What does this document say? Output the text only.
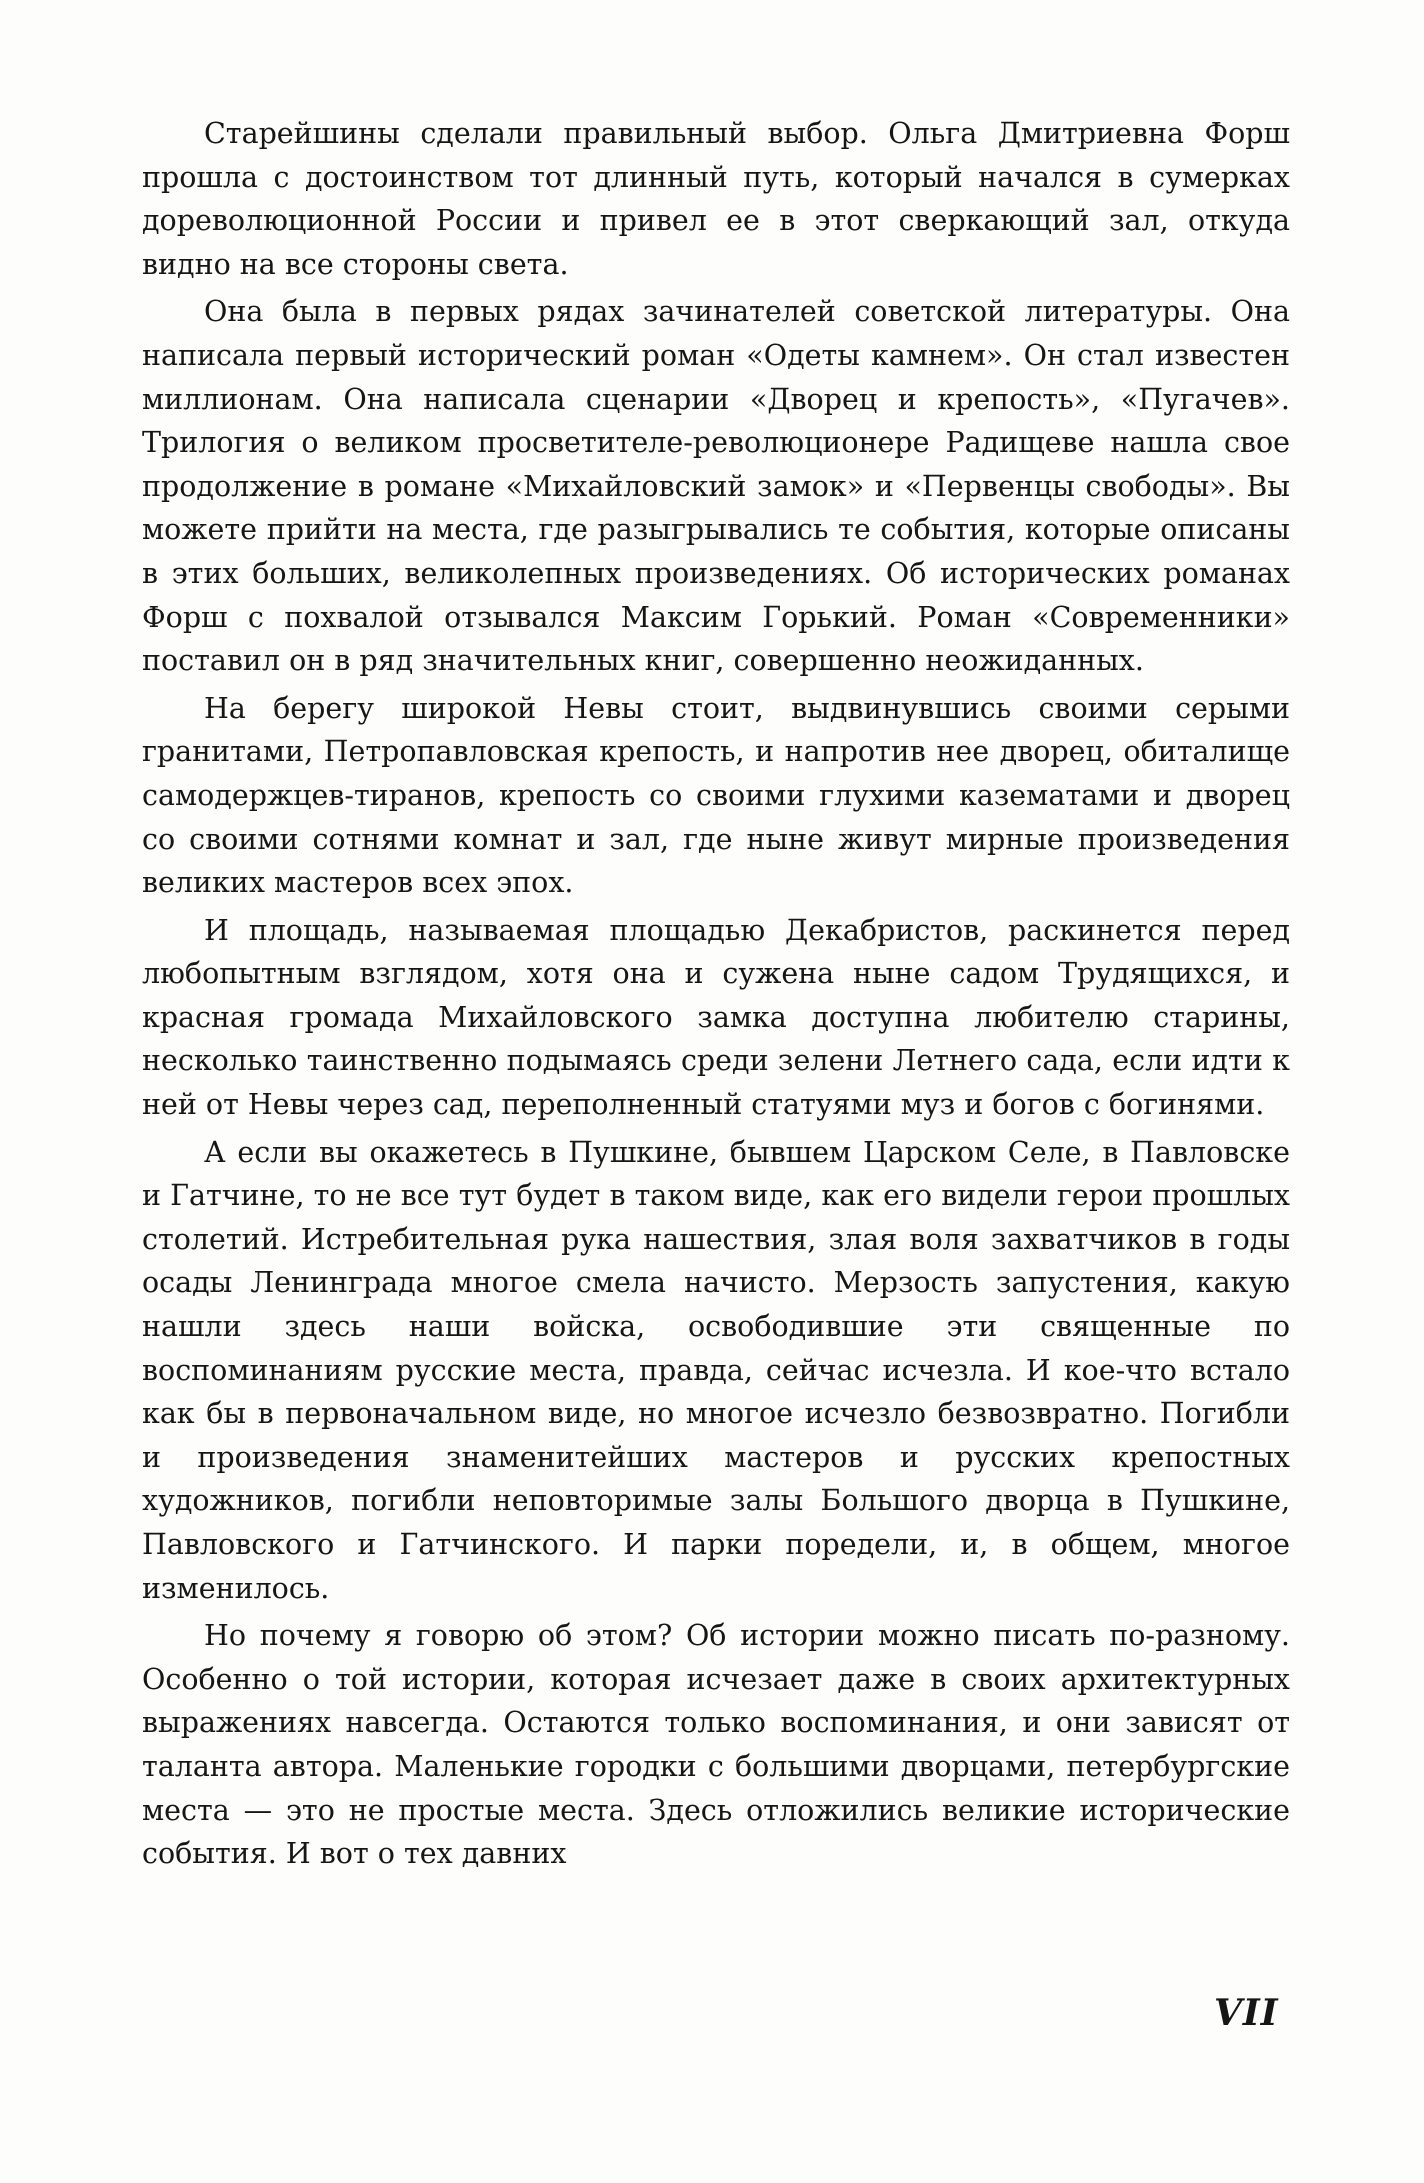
Старейшины сделали правильный выбор. Ольга Дмитриевна Форш прошла с достоинством тот длинный путь, который начался в сумерках дореволюционной России и привел ее в этот сверкающий зал, откуда видно на все стороны света.

Она была в первых рядах зачинателей советской литературы. Она написала первый исторический роман «Одеты камнем». Он стал известен миллионам. Она написала сценарии «Дворец и крепость», «Пугачев». Трилогия о великом просветителе-революционере Радищеве нашла свое продолжение в романе «Михайловский замок» и «Первенцы свободы». Вы можете прийти на места, где разыгрывались те события, которые описаны в этих больших, великолепных произведениях. Об исторических романах Форш с похвалой отзывался Максим Горький. Роман «Современники» поставил он в ряд значительных книг, совершенно неожиданных.

На берегу широкой Невы стоит, выдвинувшись своими серыми гранитами, Петропавловская крепость, и напротив нее дворец, обиталище самодержцев-тиранов, крепость со своими глухими казематами и дворец со своими сотнями комнат и зал, где ныне живут мирные произведения великих мастеров всех эпох.

И площадь, называемая площадью Декабристов, раскинется перед любопытным взглядом, хотя она и сужена ныне садом Трудящихся, и красная громада Михайловского замка доступна любителю старины, несколько таинственно подымаясь среди зелени Летнего сада, если идти к ней от Невы через сад, переполненный статуями муз и богов с богинями.

А если вы окажетесь в Пушкине, бывшем Царском Селе, в Павловске и Гатчине, то не все тут будет в таком виде, как его видели герои прошлых столетий. Истребительная рука нашествия, злая воля захватчиков в годы осады Ленинграда многое смела начисто. Мерзость запустения, какую нашли здесь наши войска, освободившие эти священные по воспоминаниям русские места, правда, сейчас исчезла. И кое-что встало как бы в первоначальном виде, но многое исчезло безвозвратно. Погибли и произведения знаменитейших мастеров и русских крепостных художников, погибли неповторимые залы Большого дворца в Пушкине, Павловского и Гатчинского. И парки поредели, и, в общем, многое изменилось.

Но почему я говорю об этом? Об истории можно писать по-разному. Особенно о той истории, которая исчезает даже в своих архитектурных выражениях навсегда. Остаются только воспоминания, и они зависят от таланта автора. Маленькие городки с большими дворцами, петербургские места — это не простые места. Здесь отложились великие исторические события. И вот о тех давних

VII
